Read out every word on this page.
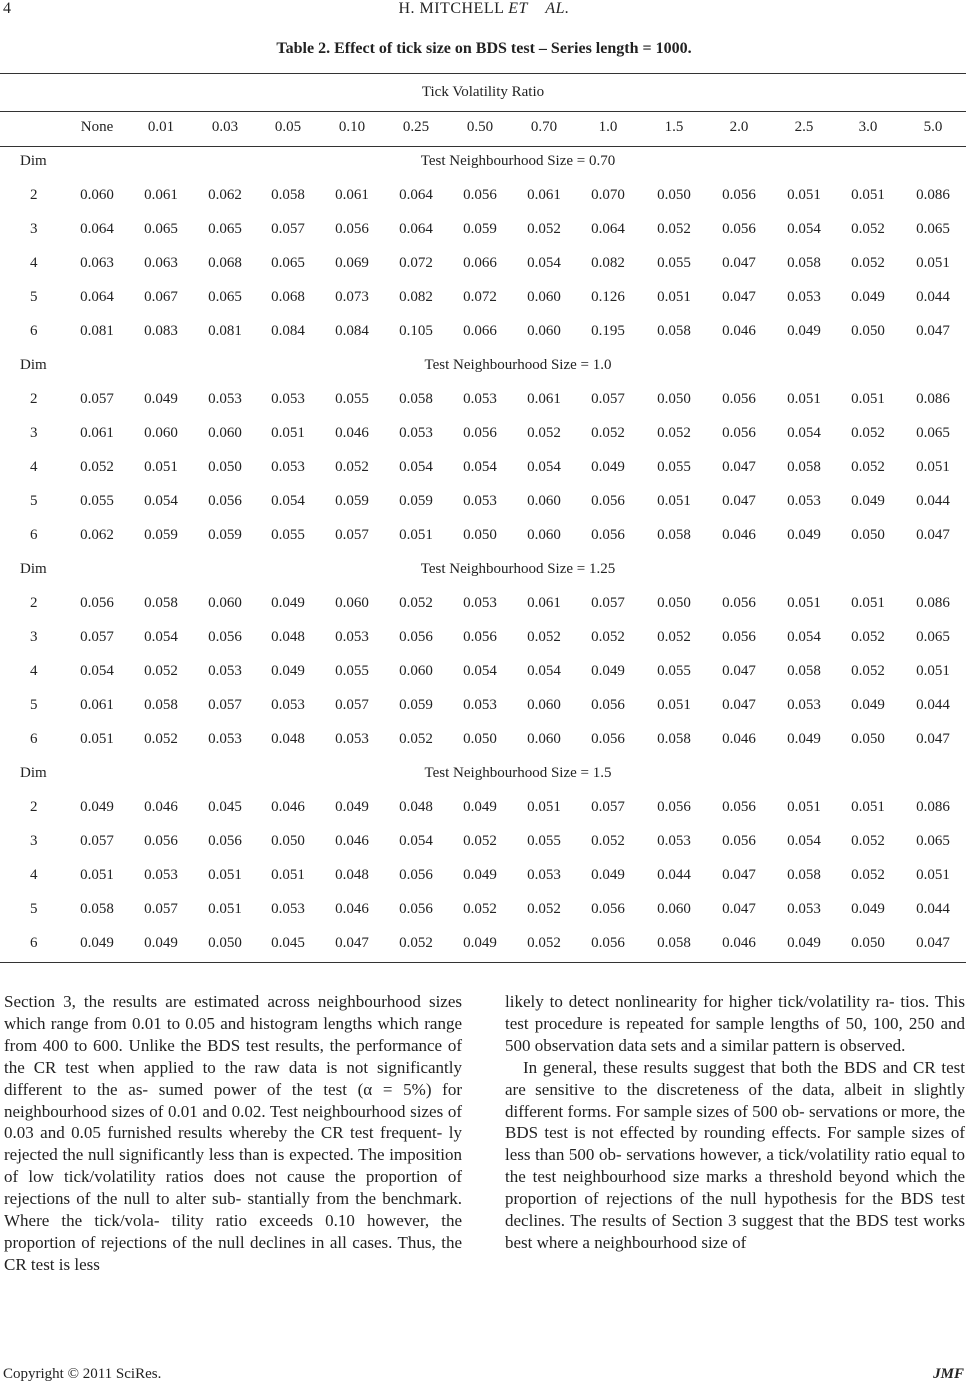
4	H. MITCHELL ET    AL.
Table 2. Effect of tick size on BDS test – Series length = 1000.
Tick Volatility Ratio
None	0.01	0.03	0.05	0.10	0.25	0.50	0.70	1.0	1.5	2.0	2.5	3.0	5.0
Dim	Test Neighbourhood Size = 0.70
2	0.060	0.061	0.062	0.058	0.061	0.064	0.056	0.061	0.070	0.050	0.056	0.051	0.051	0.086
3	0.064	0.065	0.065	0.057	0.056	0.064	0.059	0.052	0.064	0.052	0.056	0.054	0.052	0.065
4	0.063	0.063	0.068	0.065	0.069	0.072	0.066	0.054	0.082	0.055	0.047	0.058	0.052	0.051
5	0.064	0.067	0.065	0.068	0.073	0.082	0.072	0.060	0.126	0.051	0.047	0.053	0.049	0.044
6	0.081	0.083	0.081	0.084	0.084	0.105	0.066	0.060	0.195	0.058	0.046	0.049	0.050	0.047
Dim	Test Neighbourhood Size = 1.0
2	0.057	0.049	0.053	0.053	0.055	0.058	0.053	0.061	0.057	0.050	0.056	0.051	0.051	0.086
3	0.061	0.060	0.060	0.051	0.046	0.053	0.056	0.052	0.052	0.052	0.056	0.054	0.052	0.065
4	0.052	0.051	0.050	0.053	0.052	0.054	0.054	0.054	0.049	0.055	0.047	0.058	0.052	0.051
5	0.055	0.054	0.056	0.054	0.059	0.059	0.053	0.060	0.056	0.051	0.047	0.053	0.049	0.044
6	0.062	0.059	0.059	0.055	0.057	0.051	0.050	0.060	0.056	0.058	0.046	0.049	0.050	0.047
Dim	Test Neighbourhood Size = 1.25
2	0.056	0.058	0.060	0.049	0.060	0.052	0.053	0.061	0.057	0.050	0.056	0.051	0.051	0.086
3	0.057	0.054	0.056	0.048	0.053	0.056	0.056	0.052	0.052	0.052	0.056	0.054	0.052	0.065
4	0.054	0.052	0.053	0.049	0.055	0.060	0.054	0.054	0.049	0.055	0.047	0.058	0.052	0.051
5	0.061	0.058	0.057	0.053	0.057	0.059	0.053	0.060	0.056	0.051	0.047	0.053	0.049	0.044
6	0.051	0.052	0.053	0.048	0.053	0.052	0.050	0.060	0.056	0.058	0.046	0.049	0.050	0.047
Dim	Test Neighbourhood Size = 1.5
2	0.049	0.046	0.045	0.046	0.049	0.048	0.049	0.051	0.057	0.056	0.056	0.051	0.051	0.086
3	0.057	0.056	0.056	0.050	0.046	0.054	0.052	0.055	0.052	0.053	0.056	0.054	0.052	0.065
4	0.051	0.053	0.051	0.051	0.048	0.056	0.049	0.053	0.049	0.044	0.047	0.058	0.052	0.051
5	0.058	0.057	0.051	0.053	0.046	0.056	0.052	0.052	0.056	0.060	0.047	0.053	0.049	0.044
6	0.049	0.049	0.050	0.045	0.047	0.052	0.049	0.052	0.056	0.058	0.046	0.049	0.050	0.047

Section 3, the results are estimated across neighbourhood sizes which range from 0.01 to 0.05 and histogram lengths which range from 400 to 600. Unlike the BDS test results, the performance of the CR test when applied to the raw data is not significantly different to the as- sumed power of the test (α = 5%) for neighbourhood sizes of 0.01 and 0.02. Test neighbourhood sizes of 0.03 and 0.05 furnished results whereby the CR test frequent- ly rejected the null significantly less than is expected. The imposition of low tick/volatility ratios does not cause the proportion of rejections of the null to alter sub- stantially from the benchmark. Where the tick/vola- tility ratio exceeds 0.10 however, the proportion of rejections of the null declines in all cases. Thus, the CR test is less

likely to detect nonlinearity for higher tick/volatility ra- tios. This test procedure is repeated for sample lengths of 50, 100, 250 and 500 observation data sets and a similar pattern is observed.

In general, these results suggest that both the BDS and CR test are sensitive to the discreteness of the data, albeit in slightly different forms. For sample sizes of 500 ob- servations or more, the BDS test is not effected by rounding effects. For sample sizes of less than 500 ob- servations however, a tick/volatility ratio equal to the test neighbourhood size marks a threshold beyond which the proportion of rejections of the null hypothesis for the BDS test declines. The results of Section 3 suggest that the BDS test works best where a neighbourhood size of

Copyright © 2011 SciRes.	JMF
